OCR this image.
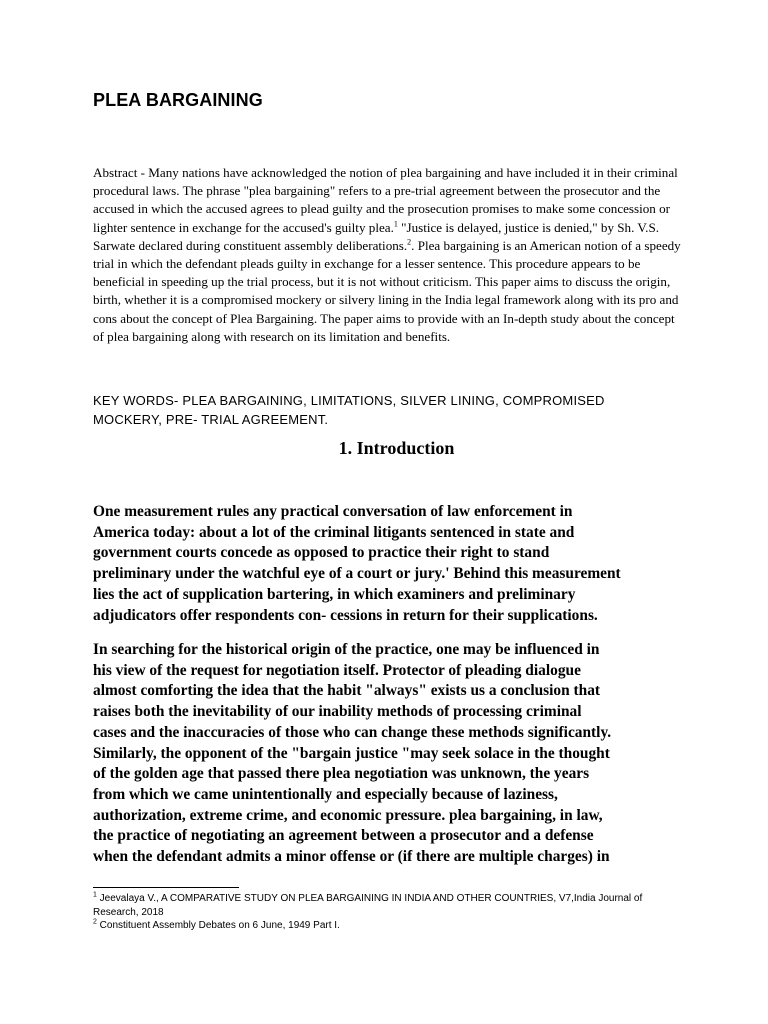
PLEA BARGAINING

Abstract - Many nations have acknowledged the notion of plea bargaining and have included it in their criminal procedural laws. The phrase "plea bargaining" refers to a pre-trial agreement between the prosecutor and the accused in which the accused agrees to plead guilty and the prosecution promises to make some concession or lighter sentence in exchange for the accused's guilty plea.$^1$ "Justice is delayed, justice is denied," by Sh. V.S. Sarwate declared during constituent assembly deliberations.$^2$. Plea bargaining is an American notion of a speedy trial in which the defendant pleads guilty in exchange for a lesser sentence. This procedure appears to be beneficial in speeding up the trial process, but it is not without criticism. This paper aims to discuss the origin, birth, whether it is a compromised mockery or silvery lining in the India legal framework along with its pro and cons about the concept of Plea Bargaining. The paper aims to provide with an In-depth study about the concept of plea bargaining along with research on its limitation and benefits.

KEY WORDS- PLEA BARGAINING, LIMITATIONS, SILVER LINING, COMPROMISED MOCKERY, PRE- TRIAL AGREEMENT.

1. Introduction
One measurement rules any practical conversation of law enforcement in
America today: about a lot of the criminal litigants sentenced in state and
government courts concede as opposed to practice their right to stand
preliminary under the watchful eye of a court or jury.' Behind this measurement
lies the act of supplication bartering, in which examiners and preliminary
adjudicators offer respondents con- cessions in return for their supplications.
In searching for the historical origin of the practice, one may be influenced in
his view of the request for negotiation itself. Protector of pleading dialogue
almost comforting the idea that the habit "always" exists us a conclusion that
raises both the inevitability of our inability methods of processing criminal
cases and the inaccuracies of those who can change these methods significantly.
Similarly, the opponent of the "bargain justice "may seek solace in the thought
of the golden age that passed there plea negotiation was unknown, the years
from which we came unintentionally and especially because of laziness,
authorization, extreme crime, and economic pressure. plea bargaining, in law,
the practice of negotiating an agreement between a prosecutor and a defense
when the defendant admits a minor offense or (if there are multiple charges) in
$^1$ Jeevalaya V., A COMPARATIVE STUDY ON PLEA BARGAINING IN INDIA AND OTHER COUNTRIES, V7,India Journal of Research, 2018
$^2$ Constituent Assembly Debates on 6 June, 1949 Part I.
